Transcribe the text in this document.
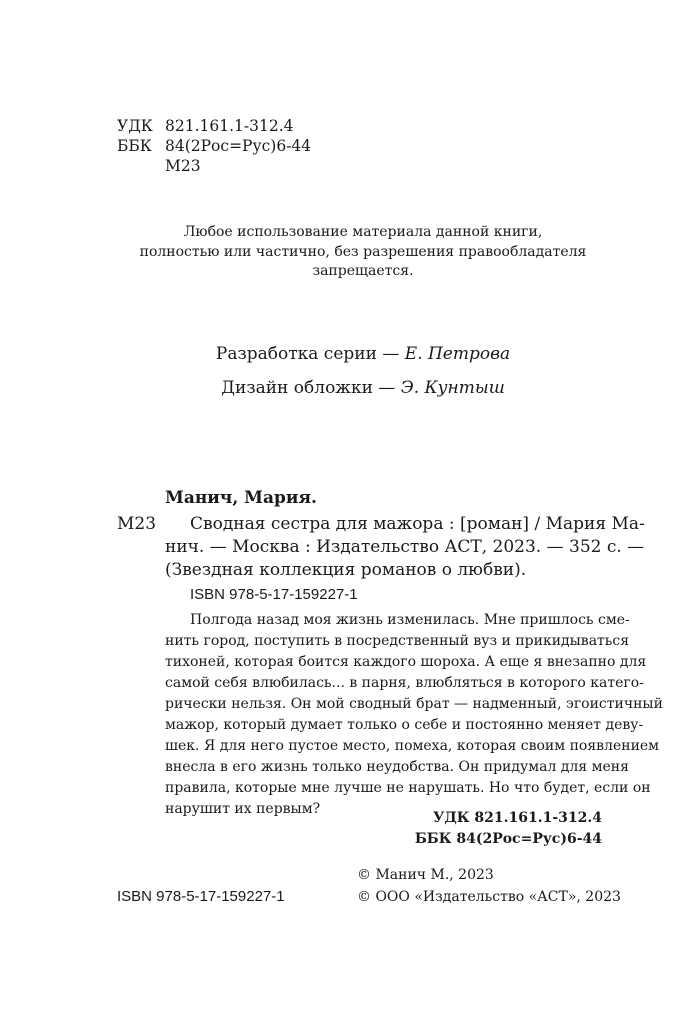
УДК 821.161.1-312.4
ББК 84(2Рос=Рус)6-44
М23
Любое использование материала данной книги,
полностью или частично, без разрешения правообладателя
запрещается.
Разработка серии — Е. Петрова
Дизайн обложки — Э. Кунтыш
Манич, Мария.
М23 Сводная сестра для мажора : [роман] / Мария Ма-
нич. — Москва : Издательство АСТ, 2023. — 352 с. —
(Звездная коллекция романов о любви).
ISBN 978-5-17-159227-1
Полгода назад моя жизнь изменилась. Мне пришлось сме-
нить город, поступить в посредственный вуз и прикидываться
тихоней, которая боится каждого шороха. А еще я внезапно для
самой себя влюбилась... в парня, влюбляться в которого катего-
рически нельзя. Он мой сводный брат — надменный, эгоистичный
мажор, который думает только о себе и постоянно меняет деву-
шек. Я для него пустое место, помеха, которая своим появлением
внесла в его жизнь только неудобства. Он придумал для меня
правила, которые мне лучше не нарушать. Но что будет, если он
нарушит их первым?
УДК 821.161.1-312.4
ББК 84(2Рос=Рус)6-44
© Манич М., 2023
ISBN 978-5-17-159227-1	© ООО «Издательство «АСТ», 2023
